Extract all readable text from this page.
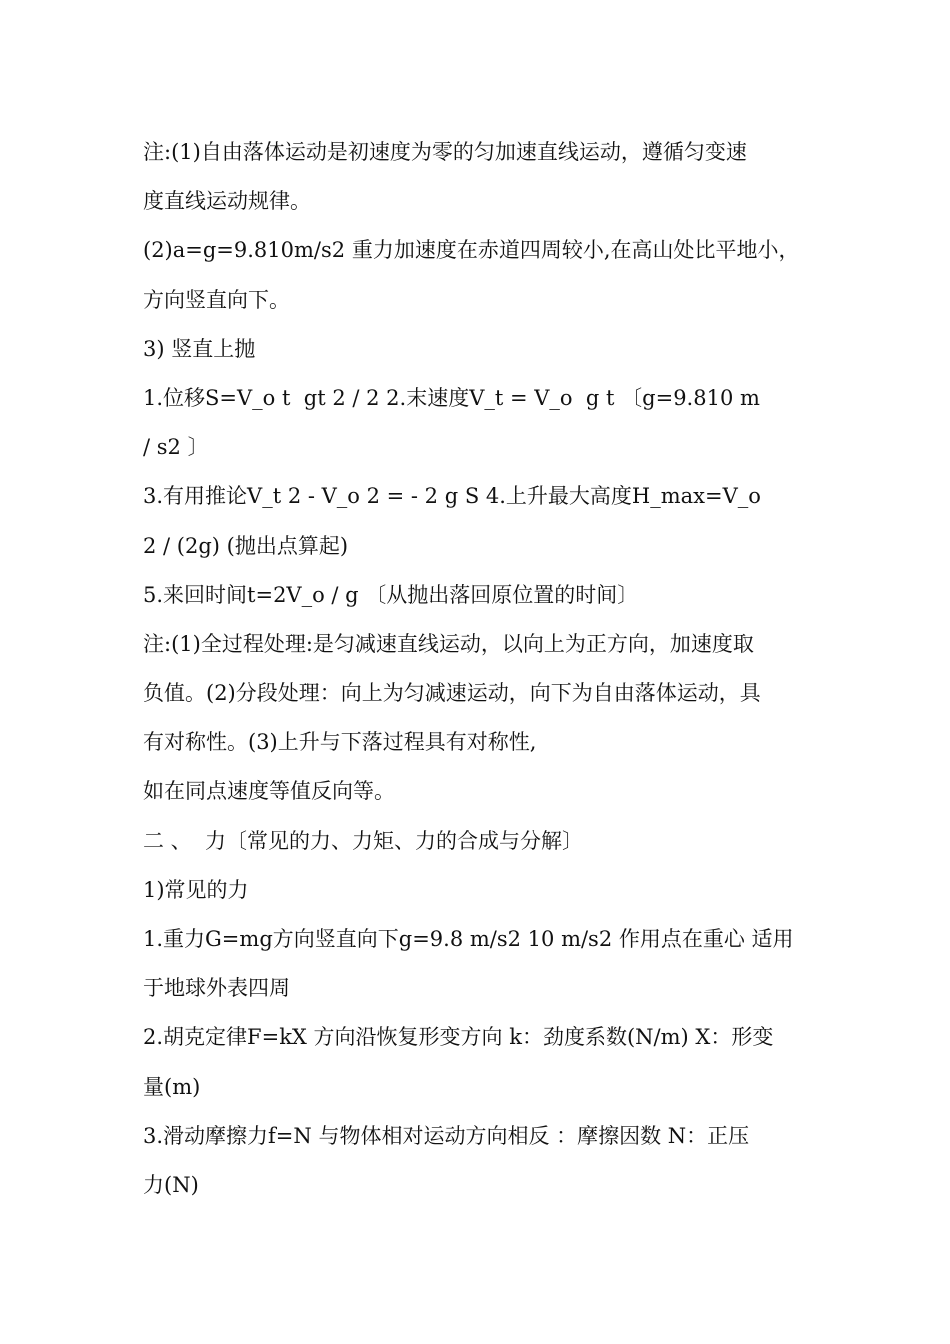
注:(1)自由落体运动是初速度为零的匀加速直线运动，遵循匀变速
度直线运动规律。
(2)a=g=9.810m/s2 重力加速度在赤道四周较小,在高山处比平地小，
方向竖直向下。
3) 竖直上抛
1.位移S=V_o t  gt 2 / 2 2.末速度V_t = V_o  g t 〔g=9.810 m
/ s2 〕
3.有用推论V_t 2 - V_o 2 = - 2 g S 4.上升最大高度H_max=V_o
2 / (2g) (抛出点算起)
5.来回时间t=2V_o / g 〔从抛出落回原位置的时间〕
注:(1)全过程处理:是匀减速直线运动，以向上为正方向，加速度取
负值。(2)分段处理：向上为匀减速运动，向下为自由落体运动，具
有对称性。(3)上升与下落过程具有对称性,
如在同点速度等值反向等。
二 、  力〔常见的力、力矩、力的合成与分解〕
1)常见的力
1.重力G=mg方向竖直向下g=9.8 m/s2 10 m/s2 作用点在重心 适用
于地球外表四周
2.胡克定律F=kX 方向沿恢复形变方向 k：劲度系数(N/m) X：形变
量(m)
3.滑动摩擦力f=N 与物体相对运动方向相反 ：摩擦因数 N：正压
力(N)
